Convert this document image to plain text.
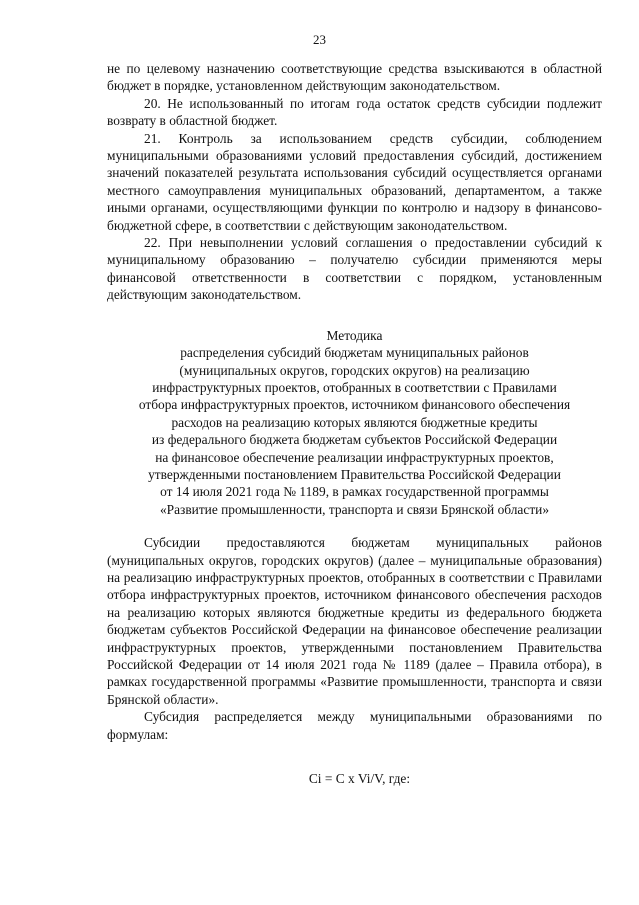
23

не по целевому назначению соответствующие средства взыскиваются в областной бюджет в порядке, установленном действующим законодательством.

20. Не использованный по итогам года остаток средств субсидии подлежит возврату в областной бюджет.

21. Контроль за использованием средств субсидии, соблюдением муниципальными образованиями условий предоставления субсидий, достижением значений показателей результата использования субсидий осуществляется органами местного самоуправления муниципальных образований, департаментом, а также иными органами, осуществляющими функции по контролю и надзору в финансово-бюджетной сфере, в соответствии с действующим законодательством.

22. При невыполнении условий соглашения о предоставлении субсидий к муниципальному образованию – получателю субсидии применяются меры финансовой ответственности в соответствии с порядком, установленным действующим законодательством.

Методика
распределения субсидий бюджетам муниципальных районов
(муниципальных округов, городских округов) на реализацию
инфраструктурных проектов, отобранных в соответствии с Правилами
отбора инфраструктурных проектов, источником финансового обеспечения
расходов на реализацию которых являются бюджетные кредиты
из федерального бюджета бюджетам субъектов Российской Федерации
на финансовое обеспечение реализации инфраструктурных проектов,
утвержденными постановлением Правительства Российской Федерации
от 14 июля 2021 года № 1189, в рамках государственной программы
«Развитие промышленности, транспорта и связи Брянской области»

Субсидии предоставляются бюджетам муниципальных районов (муниципальных округов, городских округов) (далее – муниципальные образования) на реализацию инфраструктурных проектов, отобранных в соответствии с Правилами отбора инфраструктурных проектов, источником финансового обеспечения расходов на реализацию которых являются бюджетные кредиты из федерального бюджета бюджетам субъектов Российской Федерации на финансовое обеспечение реализации инфраструктурных проектов, утвержденными постановлением Правительства Российской Федерации от 14 июля 2021 года № 1189 (далее – Правила отбора), в рамках государственной программы «Развитие промышленности, транспорта и связи Брянской области».

Субсидия распределяется между муниципальными образованиями по формулам:

Ci = C x Vi/V, где:
